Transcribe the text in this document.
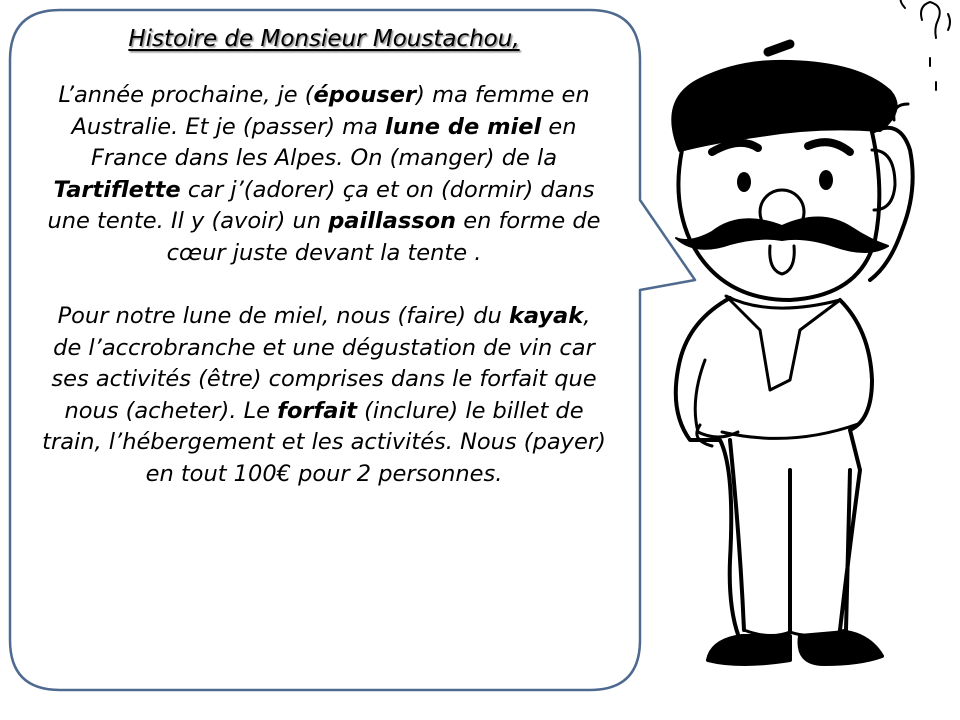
Histoire de Monsieur Moustachou,

L’année prochaine, je (épouser) ma femme en Australie. Et je (passer) ma lune de miel en France dans les Alpes. On (manger) de la Tartiflette car j’(adorer) ça et on (dormir) dans une tente. Il y (avoir) un paillasson en forme de cœur juste devant la tente .

Pour notre lune de miel, nous (faire) du kayak, de l’accrobranche et une dégustation de vin car ses activités (être) comprises dans le forfait que nous (acheter). Le forfait (inclure) le billet de train, l’hébergement et les activités. Nous (payer) en tout 100€ pour 2 personnes.
